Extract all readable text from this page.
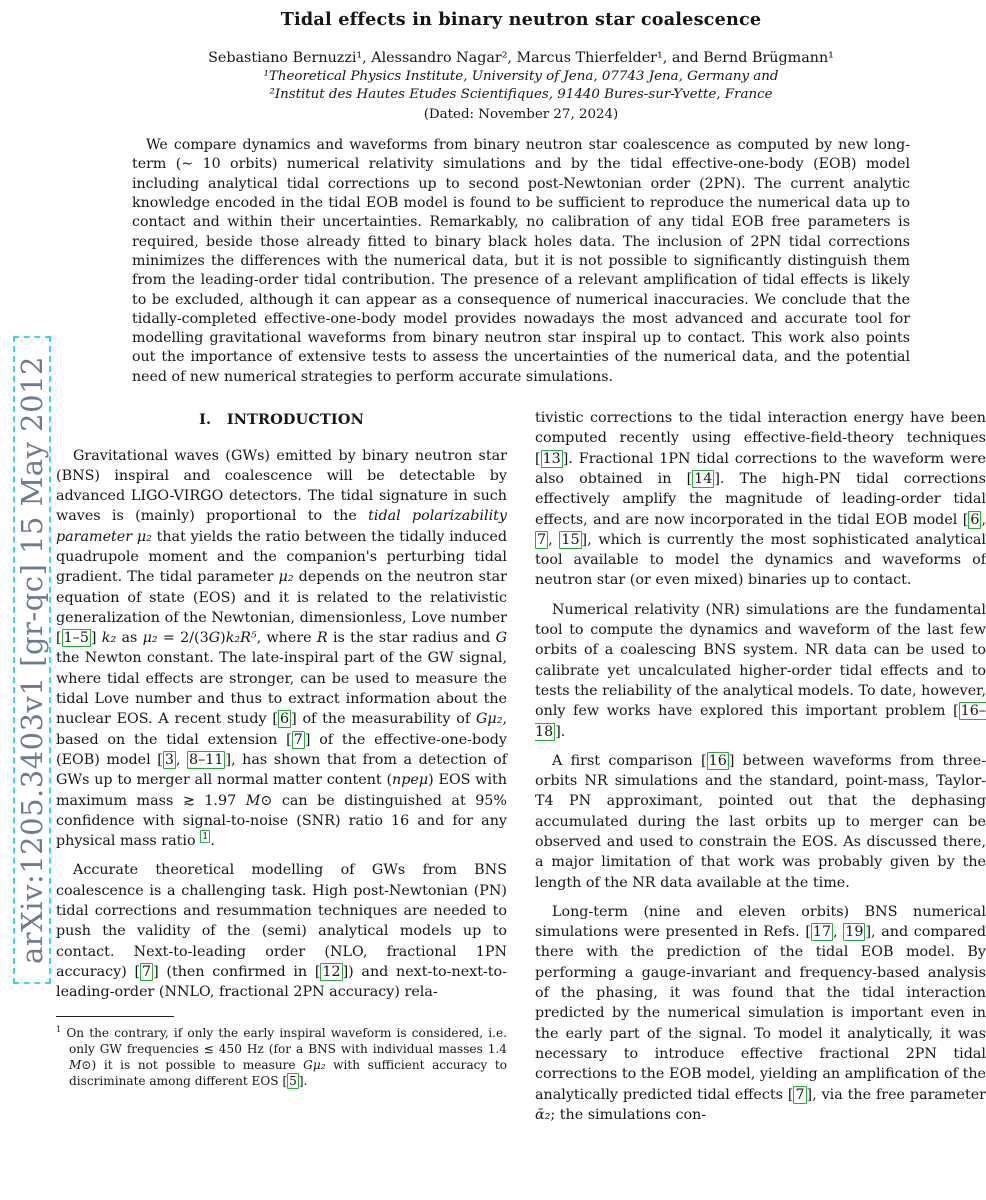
arXiv:1205.3403v1 [gr-qc] 15 May 2012
Tidal effects in binary neutron star coalescence
Sebastiano Bernuzzi¹, Alessandro Nagar², Marcus Thierfelder¹, and Bernd Brügmann¹
¹Theoretical Physics Institute, University of Jena, 07743 Jena, Germany and
²Institut des Hautes Etudes Scientifiques, 91440 Bures-sur-Yvette, France
(Dated: November 27, 2024)
We compare dynamics and waveforms from binary neutron star coalescence as computed by new long-term (∼ 10 orbits) numerical relativity simulations and by the tidal effective-one-body (EOB) model including analytical tidal corrections up to second post-Newtonian order (2PN). The current analytic knowledge encoded in the tidal EOB model is found to be sufficient to reproduce the numerical data up to contact and within their uncertainties. Remarkably, no calibration of any tidal EOB free parameters is required, beside those already fitted to binary black holes data. The inclusion of 2PN tidal corrections minimizes the differences with the numerical data, but it is not possible to significantly distinguish them from the leading-order tidal contribution. The presence of a relevant amplification of tidal effects is likely to be excluded, although it can appear as a consequence of numerical inaccuracies. We conclude that the tidally-completed effective-one-body model provides nowadays the most advanced and accurate tool for modelling gravitational waveforms from binary neutron star inspiral up to contact. This work also points out the importance of extensive tests to assess the uncertainties of the numerical data, and the potential need of new numerical strategies to perform accurate simulations.
I.   INTRODUCTION

Gravitational waves (GWs) emitted by binary neutron star (BNS) inspiral and coalescence will be detectable by advanced LIGO-VIRGO detectors. The tidal signature in such waves is (mainly) proportional to the tidal polarizability parameter μ₂ that yields the ratio between the tidally induced quadrupole moment and the companion's perturbing tidal gradient. The tidal parameter μ₂ depends on the neutron star equation of state (EOS) and it is related to the relativistic generalization of the Newtonian, dimensionless, Love number [ 1–5 ] k₂ as μ₂ = 2/(3G)k₂R⁵, where R is the star radius and G the Newton constant. The late-inspiral part of the GW signal, where tidal effects are stronger, can be used to measure the tidal Love number and thus to extract information about the nuclear EOS. A recent study [ 6 ] of the measurability of Gμ₂, based on the tidal extension [ 7 ] of the effective-one-body (EOB) model [ 3 , 8–11 ], has shown that from a detection of GWs up to merger all normal matter content (npeμ) EOS with maximum mass ≳ 1.97 M⊙ can be distinguished at 95% confidence with signal-to-noise (SNR) ratio 16 and for any physical mass ratio $^1$ .

Accurate theoretical modelling of GWs from BNS coalescence is a challenging task. High post-Newtonian (PN) tidal corrections and resummation techniques are needed to push the validity of the (semi) analytical models up to contact. Next-to-leading order (NLO, fractional 1PN accuracy) [ 7 ] (then confirmed in [ 12 ]) and next-to-next-to-leading-order (NNLO, fractional 2PN accuracy) rela-

$^1$ On the contrary, if only the early inspiral waveform is considered, i.e. only GW frequencies ≲ 450 Hz (for a BNS with individual masses 1.4 M⊙) it is not possible to measure Gμ₂ with sufficient accuracy to discriminate among different EOS [ 5 ].

tivistic corrections to the tidal interaction energy have been computed recently using effective-field-theory techniques [ 13 ]. Fractional 1PN tidal corrections to the waveform were also obtained in [ 14 ]. The high-PN tidal corrections effectively amplify the magnitude of leading-order tidal effects, and are now incorporated in the tidal EOB model [ 6 , 7 , 15 ], which is currently the most sophisticated analytical tool available to model the dynamics and waveforms of neutron star (or even mixed) binaries up to contact.

Numerical relativity (NR) simulations are the fundamental tool to compute the dynamics and waveform of the last few orbits of a coalescing BNS system. NR data can be used to calibrate yet uncalculated higher-order tidal effects and to tests the reliability of the analytical models. To date, however, only few works have explored this important problem [ 16–18 ].

A first comparison [ 16 ] between waveforms from three-orbits NR simulations and the standard, point-mass, Taylor-T4 PN approximant, pointed out that the dephasing accumulated during the last orbits up to merger can be observed and used to constrain the EOS. As discussed there, a major limitation of that work was probably given by the length of the NR data available at the time.

Long-term (nine and eleven orbits) BNS numerical simulations were presented in Refs. [ 17 , 19 ], and compared there with the prediction of the tidal EOB model. By performing a gauge-invariant and frequency-based analysis of the phasing, it was found that the tidal interaction predicted by the numerical simulation is important even in the early part of the signal. To model it analytically, it was necessary to introduce effective fractional 2PN tidal corrections to the EOB model, yielding an amplification of the analytically predicted tidal effects [ 7 ], via the free parameter ᾱ₂; the simulations con-
